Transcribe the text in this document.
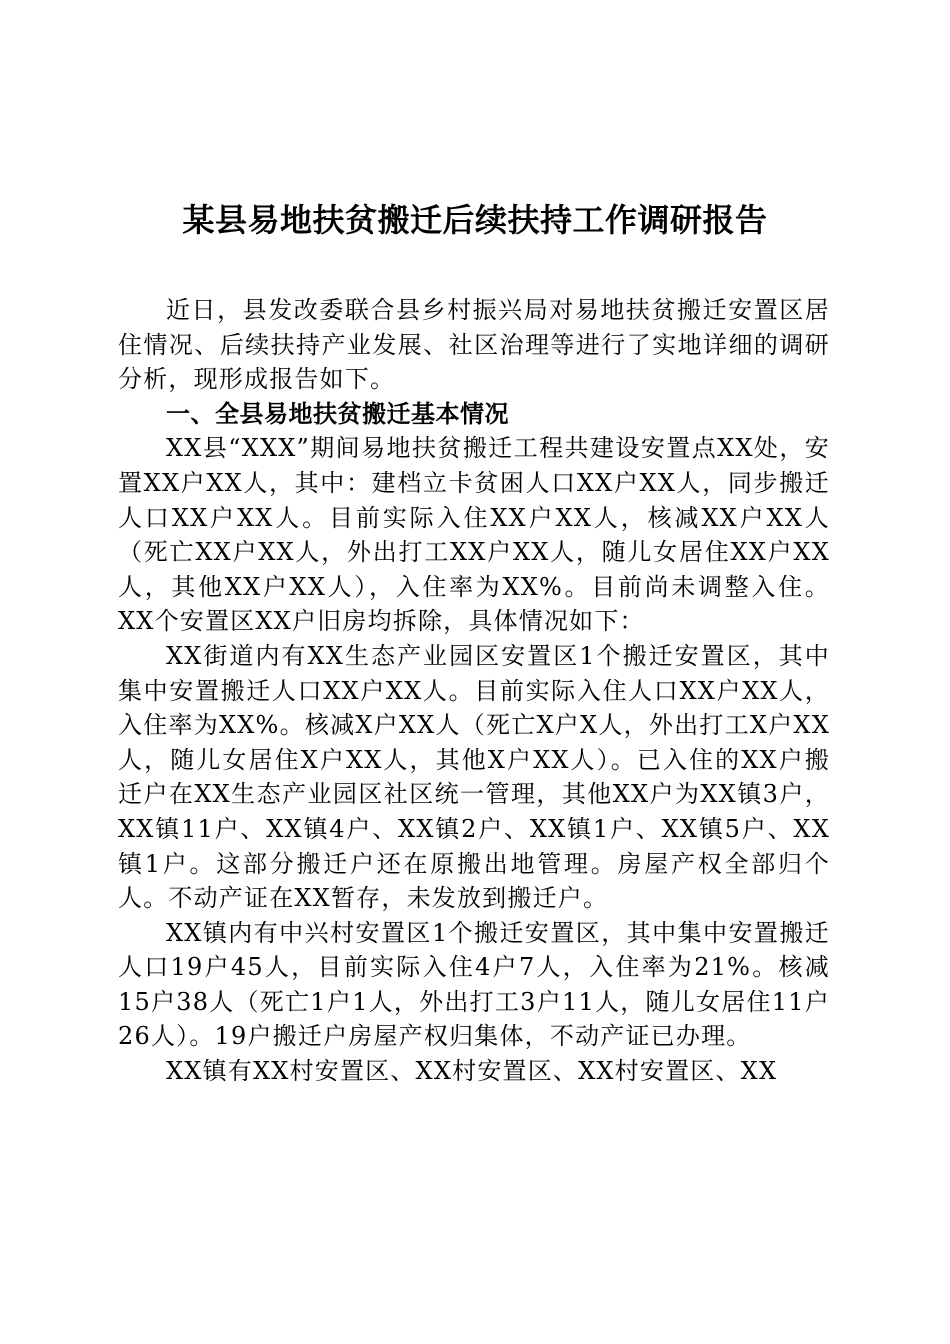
某县易地扶贫搬迁后续扶持工作调研报告

近日，县发改委联合县乡村振兴局对易地扶贫搬迁安置区居住情况、后续扶持产业发展、社区治理等进行了实地详细的调研分析，现形成报告如下。

一、全县易地扶贫搬迁基本情况

XX县“XXX”期间易地扶贫搬迁工程共建设安置点XX处，安置XX户XX人，其中：建档立卡贫困人口XX户XX人，同步搬迁人口XX户XX人。目前实际入住XX户XX人，核减XX户XX人（死亡XX户XX人，外出打工XX户XX人，随儿女居住XX户XX人，其他XX户XX人），入住率为XX%。目前尚未调整入住。XX个安置区XX户旧房均拆除，具体情况如下：

XX街道内有XX生态产业园区安置区1个搬迁安置区，其中集中安置搬迁人口XX户XX人。目前实际入住人口XX户XX人，入住率为XX%。核减X户XX人（死亡X户X人，外出打工X户XX人，随儿女居住X户XX人，其他X户XX人）。已入住的XX户搬迁户在XX生态产业园区社区统一管理，其他XX户为XX镇3户，XX镇11户、XX镇4户、XX镇2户、XX镇1户、XX镇5户、XX镇1户。这部分搬迁户还在原搬出地管理。房屋产权全部归个人。不动产证在XX暂存，未发放到搬迁户。

XX镇内有中兴村安置区1个搬迁安置区，其中集中安置搬迁人口19户45人，目前实际入住4户7人，入住率为21%。核减15户38人（死亡1户1人，外出打工3户11人，随儿女居住11户26人）。19户搬迁户房屋产权归集体，不动产证已办理。

XX镇有XX村安置区、XX村安置区、XX村安置区、XX
